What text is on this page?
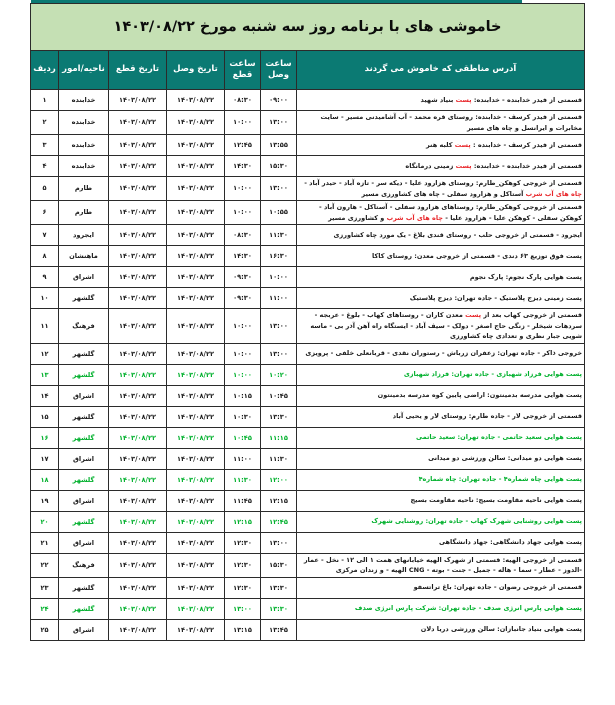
خاموشی های با برنامه روز سه شنبه مورخ ۱۴۰۳/۰۸/۲۲						
آدرس مناطقی که خاموش می گردند	ساعت وصل	ساعت قطع	تاریخ وصل	تاریخ قطع	ناحیه/امور	ردیف
قسمتی از فیدر خدابنده - خدابنده: پست بنیاد شهید	۰۹:۰۰	۰۸:۳۰	۱۴۰۳/۰۸/۲۲	۱۴۰۳/۰۸/۲۲	خدابنده	۱
قسمتی از فیدر کرسف - خدابنده: روستای قره محمد - آب آشامیدنی مسیر - سایت مخابرات و ایرانسل و چاه های مسیر	۱۳:۰۰	۱۰:۰۰	۱۴۰۳/۰۸/۲۲	۱۴۰۳/۰۸/۲۲	خدابنده	۲
قسمتی از فیدر کرسف - خدابنده : پست کلبه هنر	۱۳:۵۵	۱۲:۴۵	۱۴۰۳/۰۸/۲۲	۱۴۰۳/۰۸/۲۲	خدابنده	۳
قسمتی از فیدر خدابنده - خدابنده: پست زمینی درمانگاه	۱۵:۳۰	۱۴:۳۰	۱۴۰۳/۰۸/۲۲	۱۴۰۳/۰۸/۲۲	خدابنده	۴
قسمتی از خروجی کوهکن_طارم: روستای هزارود علیا - دیکه سر - تازه آباد - حیدر آباد - چاه های آب شرب آستاکل و هزارود سفلی - چاه های کشاورزی مسیر	۱۳:۰۰	۱۰:۰۰	۱۴۰۳/۰۸/۲۲	۱۴۰۳/۰۸/۲۲	طارم	۵
قسمتی از خروجی کوهکن_طارم: روستاهای هزارود سفلی - آستاکل - هارون آباد - کوهکن سفلی - کوهکن علیا - هزارود علیا - چاه های آب شرب و کشاورزی مسیر	۱۰:۵۵	۱۰:۰۰	۱۴۰۳/۰۸/۲۲	۱۴۰۳/۰۸/۲۲	طارم	۶
ایجرود - قسمتی از خروجی حلب - روستای قندی بلاغ - یک مورد چاه کشاورزی	۱۱:۳۰	۰۸:۳۰	۱۴۰۳/۰۸/۲۲	۱۴۰۳/۰۸/۲۲	ایجرود	۷
پست فوق توزیع ۶۳ دندی - قسمتی از خروجی معدن: روستای کاکا	۱۶:۳۰	۱۴:۳۰	۱۴۰۳/۰۸/۲۲	۱۴۰۳/۰۸/۲۲	ماهنشان	۸
پست هوایی پارک نجوم: پارک نجوم	۱۰:۰۰	۰۹:۳۰	۱۴۰۳/۰۸/۲۲	۱۴۰۳/۰۸/۲۲	اشراق	۹
پست زمینی دیزج پلاستیک - جاده تهران: دیزج پلاستیک	۱۱:۰۰	۰۹:۳۰	۱۴۰۳/۰۸/۲۲	۱۴۰۳/۰۸/۲۲	گلشهر	۱۰
قسمتی از خروجی کهاب بعد از پست معدن کاران - روستاهای کهاب - بلوغ - عربجه - سردهات شیخلر - زنگی حاج اصغر - دولک - سیف آباد - ایستگاه راه آهن آذر بی - ماسه شویی جبار نظری و تعدادی چاه کشاورزی	۱۳:۰۰	۱۰:۰۰	۱۴۰۳/۰۸/۲۲	۱۴۰۳/۰۸/۲۲	فرهنگ	۱۱
خروجی ذاکر - جاده تهران: زعفران زرباش - رستوران نقدی - قربانعلی خلفی - پرویزی	۱۳:۰۰	۱۰:۰۰	۱۴۰۳/۰۸/۲۲	۱۴۰۳/۰۸/۲۲	گلشهر	۱۲
پست هوایی فرزاد شهبازی - جاده تهران: فرزاد شهبازی	۱۰:۲۰	۱۰:۰۰	۱۴۰۳/۰۸/۲۲	۱۴۰۳/۰۸/۲۲	گلشهر	۱۳
پست هوایی مدرسه بدمینتون: اراضی پایین کوه مدرسه بدمینتون	۱۰:۴۵	۱۰:۱۵	۱۴۰۳/۰۸/۲۲	۱۴۰۳/۰۸/۲۲	اشراق	۱۴
قسمتی از خروجی لار - جاده طارم: روستای لار و یحیی آباد	۱۳:۳۰	۱۰:۳۰	۱۴۰۳/۰۸/۲۲	۱۴۰۳/۰۸/۲۲	گلشهر	۱۵
پست هوایی سعید حاتمی - جاده تهران: سعید حاتمی	۱۱:۱۵	۱۰:۴۵	۱۴۰۳/۰۸/۲۲	۱۴۰۳/۰۸/۲۲	گلشهر	۱۶
پست هوایی دو میدانی: سالن ورزشی دو میدانی	۱۱:۳۰	۱۱:۰۰	۱۴۰۳/۰۸/۲۲	۱۴۰۳/۰۸/۲۲	اشراق	۱۷
پست هوایی چاه شماره۴ - جاده تهران: چاه شماره۴	۱۲:۰۰	۱۱:۳۰	۱۴۰۳/۰۸/۲۲	۱۴۰۳/۰۸/۲۲	گلشهر	۱۸
پست هوایی ناحیه مقاومت بسیج: ناحیه مقاومت بسیج	۱۲:۱۵	۱۱:۴۵	۱۴۰۳/۰۸/۲۲	۱۴۰۳/۰۸/۲۲	اشراق	۱۹
پست هوایی روشنایی شهرک کهاب - جاده تهران: روشنایی شهرک	۱۲:۴۵	۱۲:۱۵	۱۴۰۳/۰۸/۲۲	۱۴۰۳/۰۸/۲۲	گلشهر	۲۰
پست هوایی جهاد دانشگاهی: جهاد دانشگاهی	۱۳:۰۰	۱۲:۳۰	۱۴۰۳/۰۸/۲۲	۱۴۰۳/۰۸/۲۲	اشراق	۲۱
قسمتی از خروجی الهیه: قسمتی از شهرک الهیه خیابانهای همت ۱ الی ۱۲ - نخل - عمار -الدوز - عطار - سما - هاله - جمیل - جنت - بوته - CNG الهیه - و زندان مرکزی	۱۵:۳۰	۱۲:۳۰	۱۴۰۳/۰۸/۲۲	۱۴۰۳/۰۸/۲۲	فرهنگ	۲۲
قسمتی از خروجی رضوان - جاده تهران: باغ تراتسفو	۱۳:۳۰	۱۲:۳۰	۱۴۰۳/۰۸/۲۲	۱۴۰۳/۰۸/۲۲	گلشهر	۲۳
پست هوایی پارس انرژی صدف - جاده تهران: شرکت پارس انرژی صدف	۱۳:۳۰	۱۳:۰۰	۱۴۰۳/۰۸/۲۲	۱۴۰۳/۰۸/۲۲	گلشهر	۲۴
پست هوایی بنیاد جانبازان: سالن ورزشی دریا دلان	۱۳:۴۵	۱۳:۱۵	۱۴۰۳/۰۸/۲۲	۱۴۰۳/۰۸/۲۲	اشراق	۲۵
